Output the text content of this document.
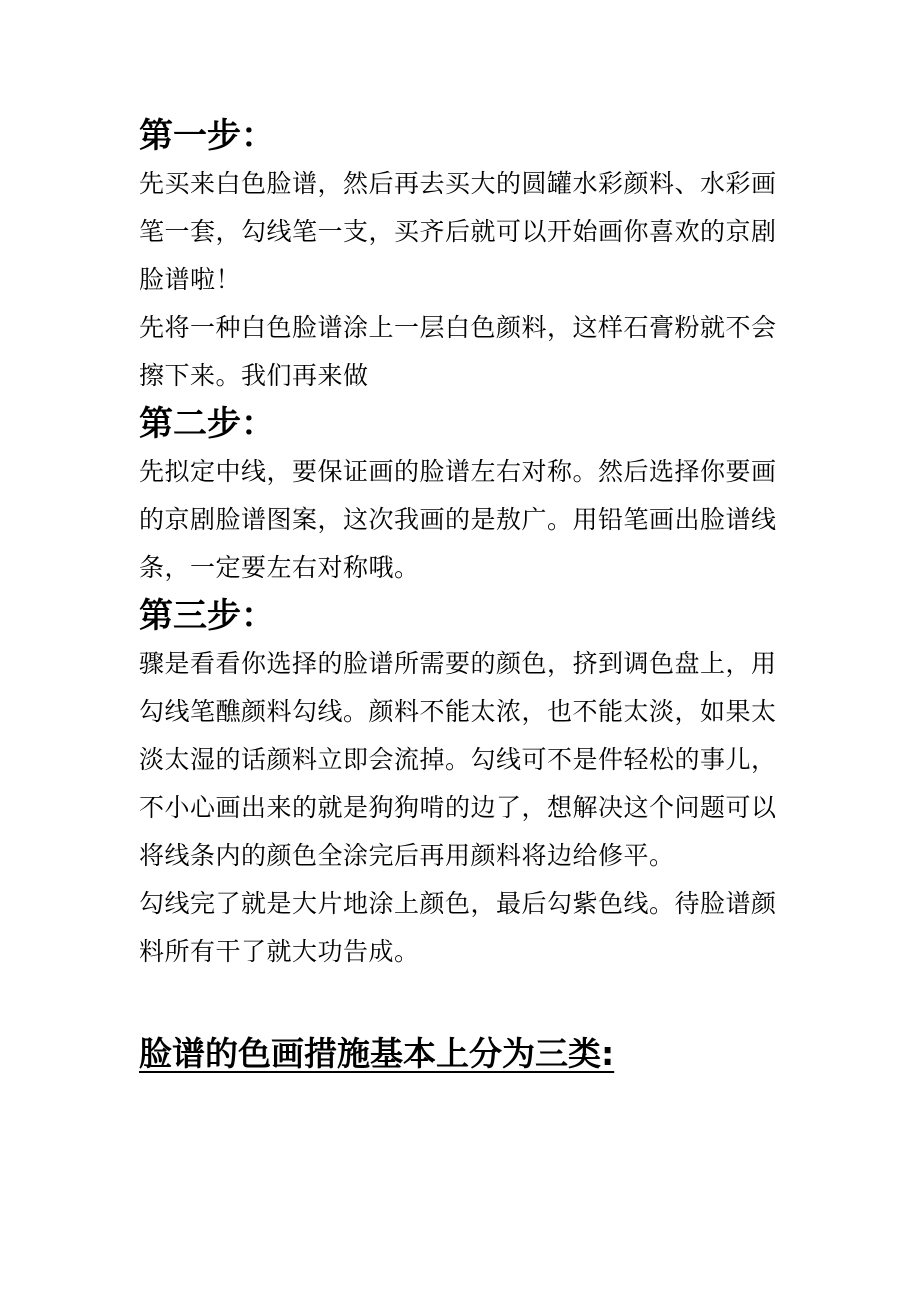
第一步：

先买来白色脸谱，然后再去买大的圆罐水彩颜料、水彩画笔一套，勾线笔一支，买齐后就可以开始画你喜欢的京剧脸谱啦！

先将一种白色脸谱涂上一层白色颜料，这样石膏粉就不会擦下来。我们再来做

第二步：

先拟定中线，要保证画的脸谱左右对称。然后选择你要画的京剧脸谱图案，这次我画的是敖广。用铅笔画出脸谱线条，一定要左右对称哦。

第三步：

骤是看看你选择的脸谱所需要的颜色，挤到调色盘上，用勾线笔醮颜料勾线。颜料不能太浓，也不能太淡，如果太淡太湿的话颜料立即会流掉。勾线可不是件轻松的事儿，不小心画出来的就是狗狗啃的边了，想解决这个问题可以将线条内的颜色全涂完后再用颜料将边给修平。

勾线完了就是大片地涂上颜色，最后勾紫色线。待脸谱颜料所有干了就大功告成。

脸谱的色画措施基本上分为三类:
